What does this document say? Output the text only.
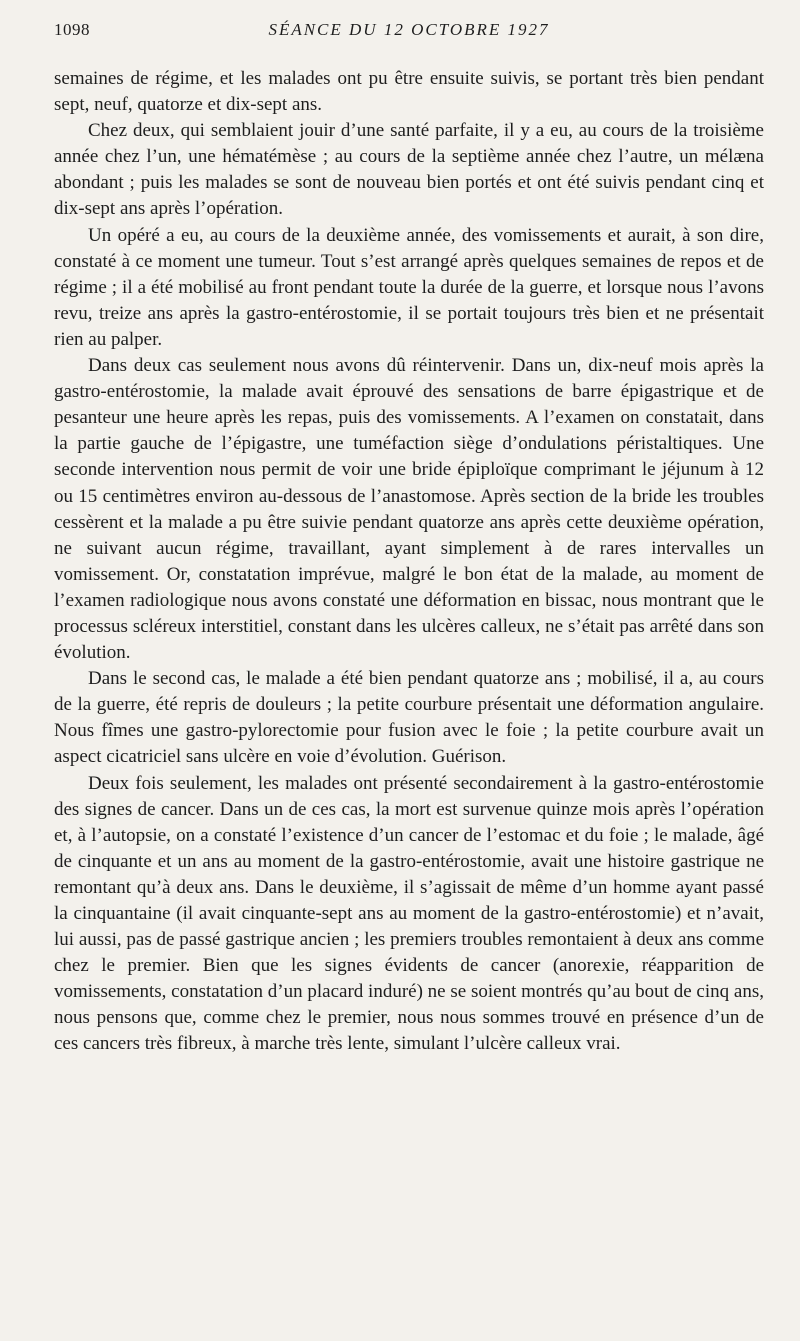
1098	SÉANCE DU 12 OCTOBRE 1927

semaines de régime, et les malades ont pu être ensuite suivis, se portant très bien pendant sept, neuf, quatorze et dix-sept ans.

Chez deux, qui semblaient jouir d’une santé parfaite, il y a eu, au cours de la troisième année chez l’un, une hématémèse ; au cours de la septième année chez l’autre, un mélæna abondant ; puis les malades se sont de nouveau bien portés et ont été suivis pendant cinq et dix-sept ans après l’opération.

Un opéré a eu, au cours de la deuxième année, des vomissements et aurait, à son dire, constaté à ce moment une tumeur. Tout s’est arrangé après quelques semaines de repos et de régime ; il a été mobilisé au front pendant toute la durée de la guerre, et lorsque nous l’avons revu, treize ans après la gastro-entérostomie, il se portait toujours très bien et ne présentait rien au palper.

Dans deux cas seulement nous avons dû réintervenir. Dans un, dix-neuf mois après la gastro-entérostomie, la malade avait éprouvé des sensations de barre épigastrique et de pesanteur une heure après les repas, puis des vomissements. A l’examen on constatait, dans la partie gauche de l’épigastre, une tuméfaction siège d’ondulations péristaltiques. Une seconde intervention nous permit de voir une bride épiploïque comprimant le jéjunum à 12 ou 15 centimètres environ au-dessous de l’anastomose. Après section de la bride les troubles cessèrent et la malade a pu être suivie pendant quatorze ans après cette deuxième opération, ne suivant aucun régime, travaillant, ayant simplement à de rares intervalles un vomissement. Or, constatation imprévue, malgré le bon état de la malade, au moment de l’examen radiologique nous avons constaté une déformation en bissac, nous montrant que le processus scléreux interstitiel, constant dans les ulcères calleux, ne s’était pas arrêté dans son évolution.

Dans le second cas, le malade a été bien pendant quatorze ans ; mobilisé, il a, au cours de la guerre, été repris de douleurs ; la petite courbure présentait une déformation angulaire. Nous fîmes une gastro-pylorectomie pour fusion avec le foie ; la petite courbure avait un aspect cicatriciel sans ulcère en voie d’évolution. Guérison.

Deux fois seulement, les malades ont présenté secondairement à la gastro-entérostomie des signes de cancer. Dans un de ces cas, la mort est survenue quinze mois après l’opération et, à l’autopsie, on a constaté l’existence d’un cancer de l’estomac et du foie ; le malade, âgé de cinquante et un ans au moment de la gastro-entérostomie, avait une histoire gastrique ne remontant qu’à deux ans. Dans le deuxième, il s’agissait de même d’un homme ayant passé la cinquantaine (il avait cinquante-sept ans au moment de la gastro-entérostomie) et n’avait, lui aussi, pas de passé gastrique ancien ; les premiers troubles remontaient à deux ans comme chez le premier. Bien que les signes évidents de cancer (anorexie, réapparition de vomissements, constatation d’un placard induré) ne se soient montrés qu’au bout de cinq ans, nous pensons que, comme chez le premier, nous nous sommes trouvé en présence d’un de ces cancers très fibreux, à marche très lente, simulant l’ulcère calleux vrai.
